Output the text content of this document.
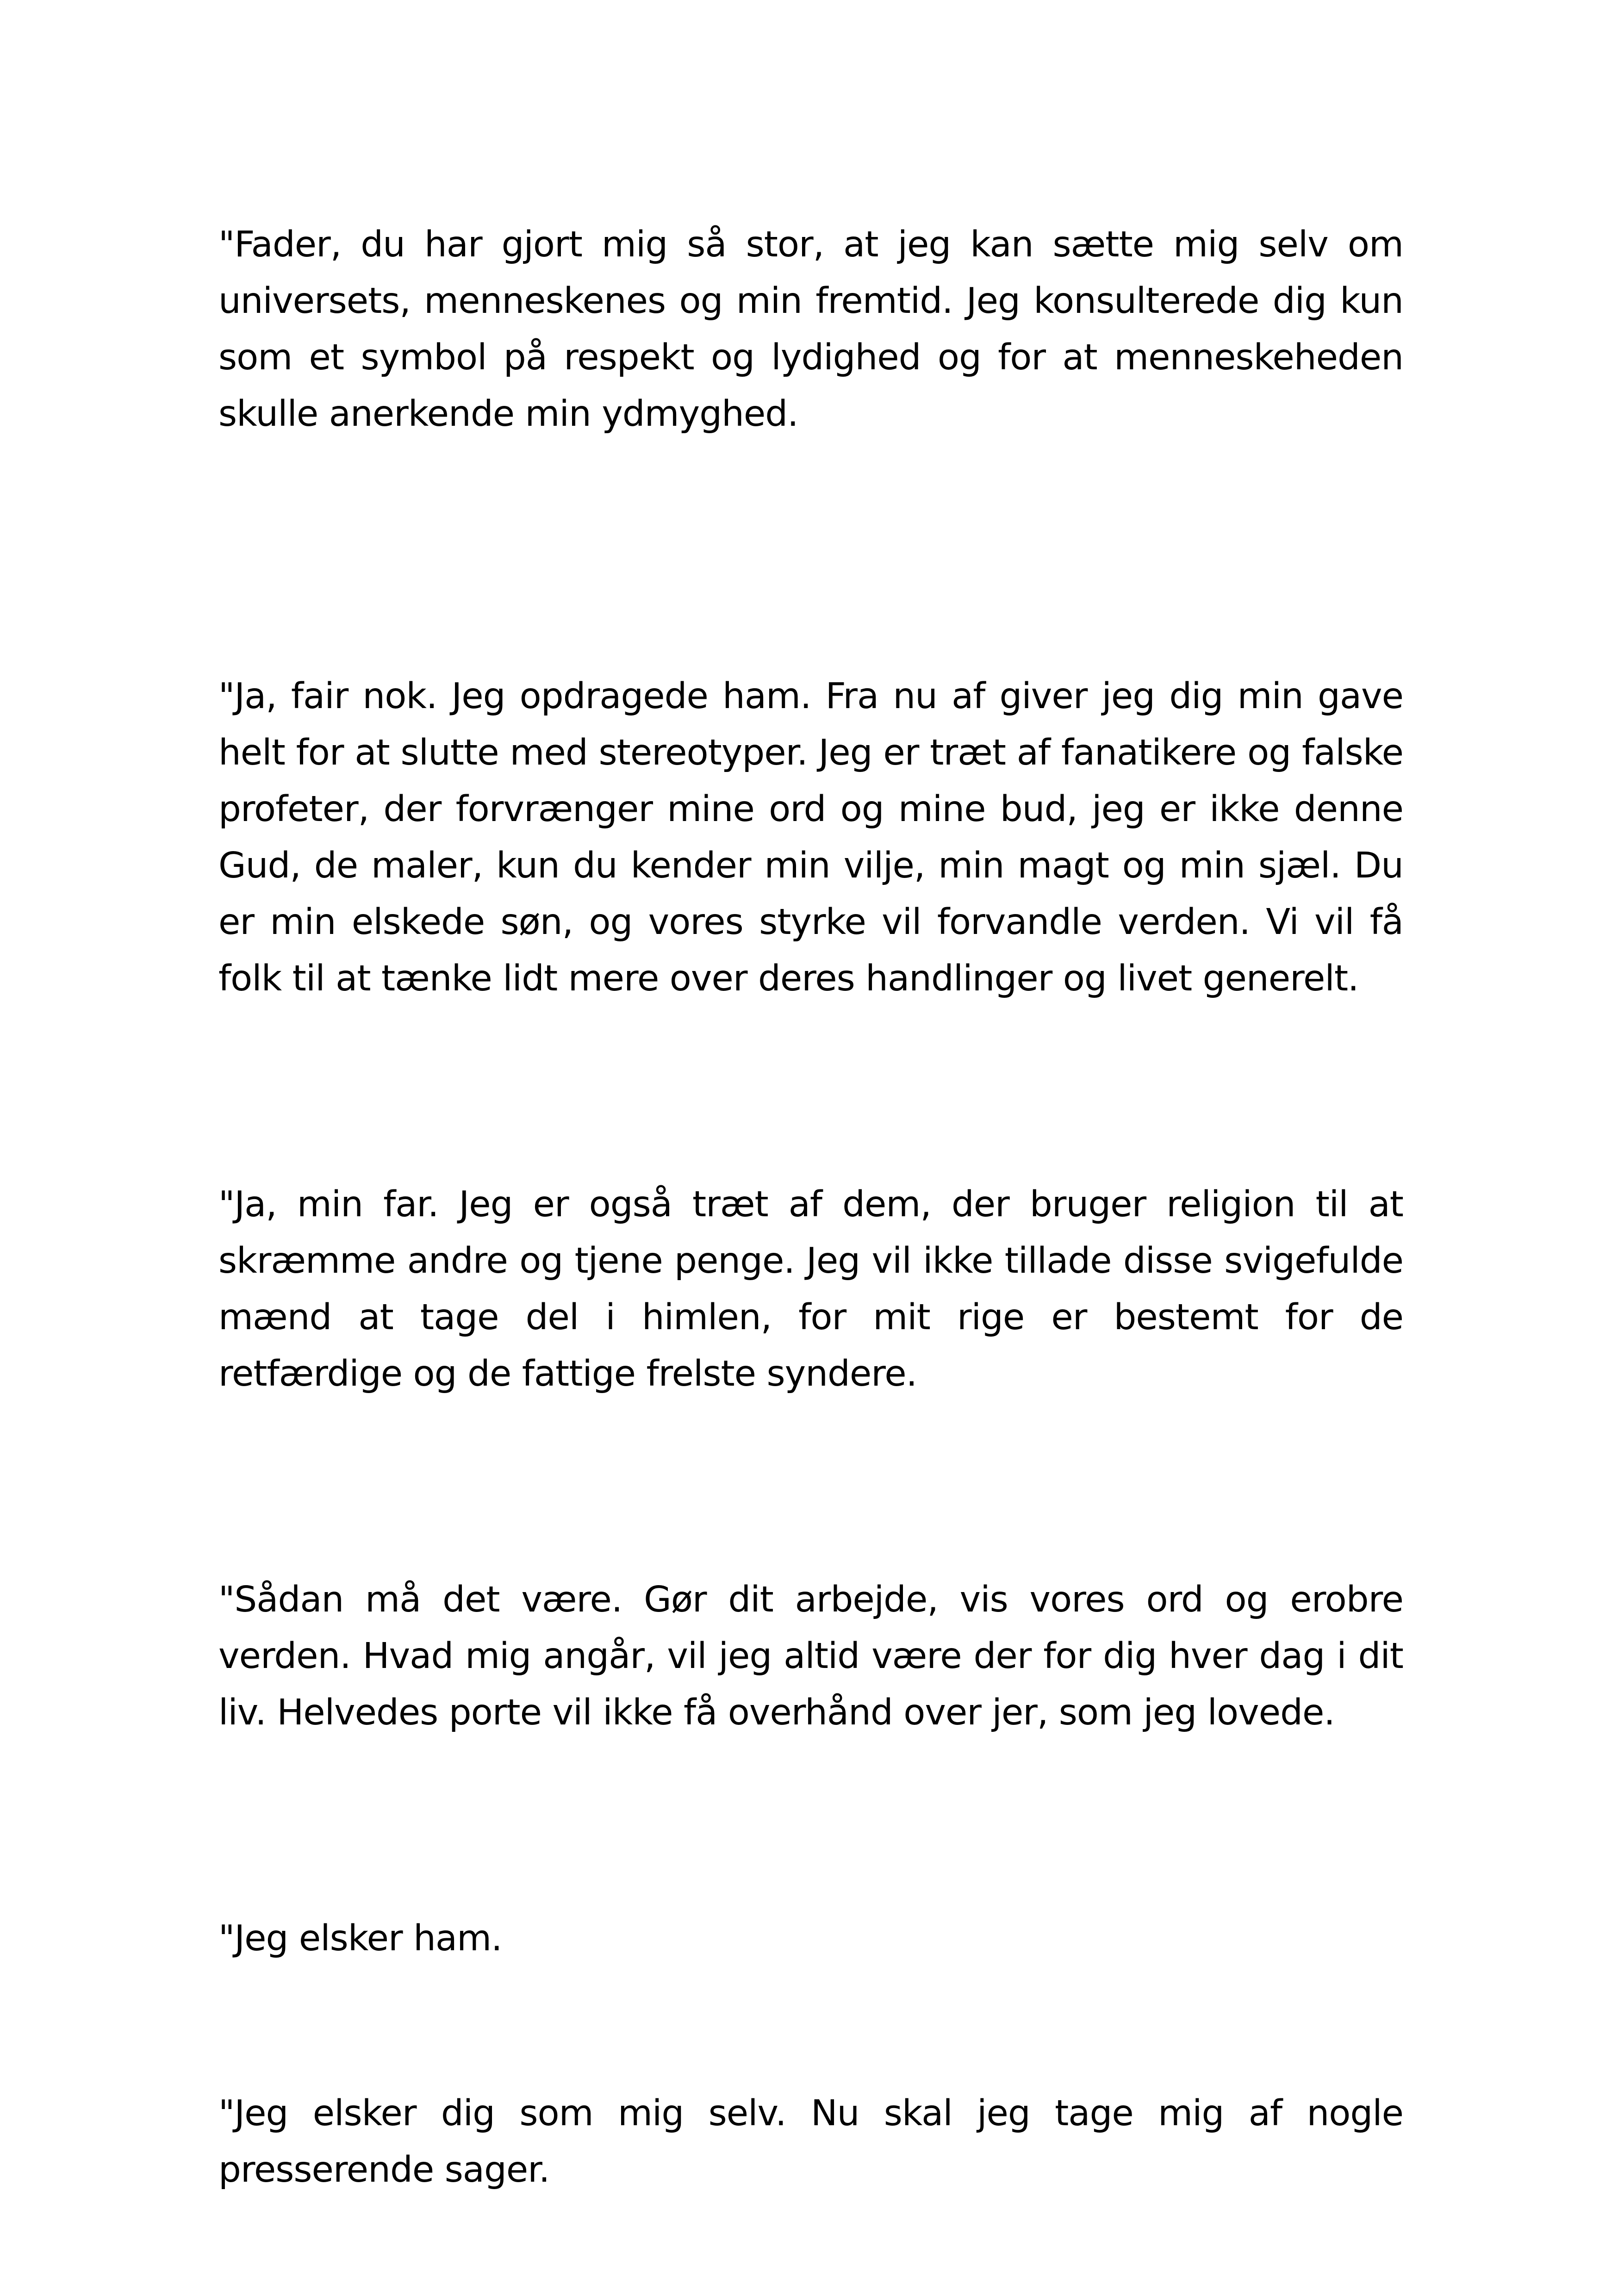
"Fader, du har gjort mig så stor, at jeg kan sætte mig selv om universets, menneskenes og min fremtid. Jeg konsulterede dig kun som et symbol på respekt og lydighed og for at menneskeheden skulle anerkende min ydmyghed.

"Ja, fair nok. Jeg opdragede ham. Fra nu af giver jeg dig min gave helt for at slutte med stereotyper. Jeg er træt af fanatikere og falske profeter, der forvrænger mine ord og mine bud, jeg er ikke denne Gud, de maler, kun du kender min vilje, min magt og min sjæl. Du er min elskede søn, og vores styrke vil forvandle verden. Vi vil få folk til at tænke lidt mere over deres handlinger og livet generelt.

"Ja, min far. Jeg er også træt af dem, der bruger religion til at skræmme andre og tjene penge. Jeg vil ikke tillade disse svigefulde mænd at tage del i himlen, for mit rige er bestemt for de retfærdige og de fattige frelste syndere.

"Sådan må det være. Gør dit arbejde, vis vores ord og erobre verden. Hvad mig angår, vil jeg altid være der for dig hver dag i dit liv. Helvedes porte vil ikke få overhånd over jer, som jeg lovede.

"Jeg elsker ham.

"Jeg elsker dig som mig selv. Nu skal jeg tage mig af nogle presserende sager.
